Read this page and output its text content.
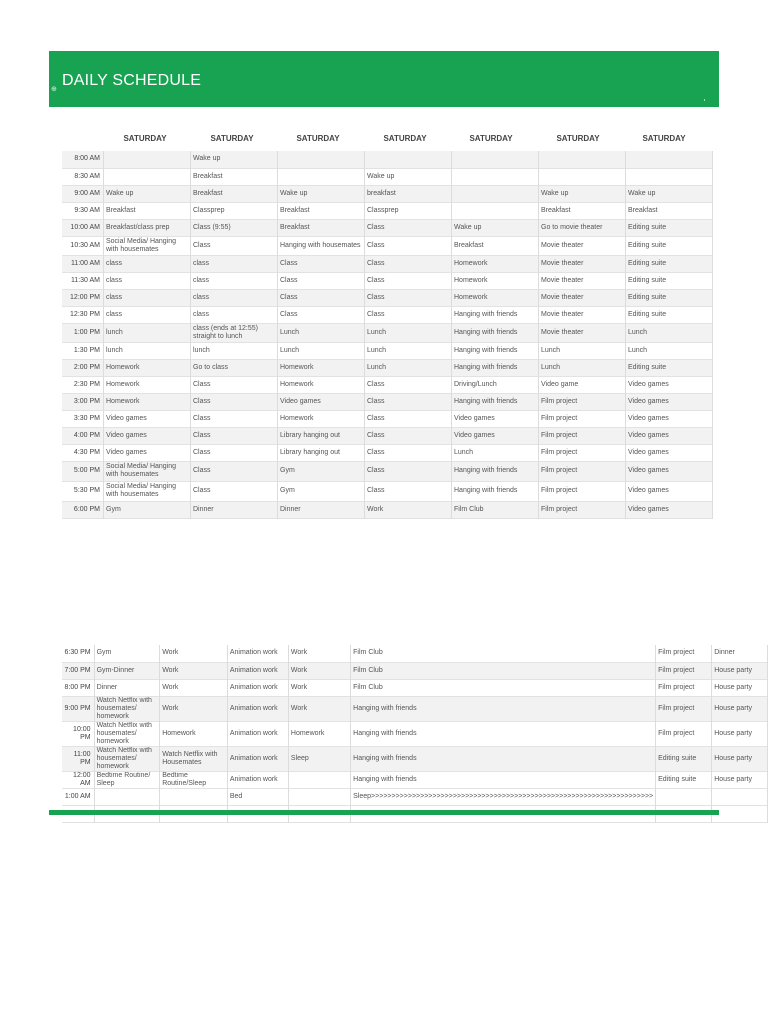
⊕
DAILY SCHEDULE
SATURDAY	SATURDAY	SATURDAY	SATURDAY	SATURDAY	SATURDAY	SATURDAY
8:00 AM		Wake up					
8:30 AM		Breakfast		Wake up			
9:00 AM	Wake up	Breakfast	Wake up	breakfast		Wake up	Wake up
9:30 AM	Breakfast	Classprep	Breakfast	Classprep		Breakfast	Breakfast
10:00 AM	Breakfast/class prep	Class (9:55)	Breakfast	Class	Wake up	Go to movie theater	Editing suite
10:30 AM	Social Media/ Hanging with housemates	Class	Hanging with housemates	Class	Breakfast	Movie theater	Editing suite
11:00 AM	class	class	Class	Class	Homework	Movie theater	Editing suite
11:30 AM	class	class	Class	Class	Homework	Movie theater	Editing suite
12:00 PM	class	class	Class	Class	Homework	Movie theater	Editing suite
12:30 PM	class	class	Class	Class	Hanging with friends	Movie theater	Editing suite
1:00 PM	lunch	class (ends at 12:55) straight to lunch	Lunch	Lunch	Hanging with friends	Movie theater	Lunch
1:30 PM	lunch	lunch	Lunch	Lunch	Hanging with friends	Lunch	Lunch
2:00 PM	Homework	Go to class	Homework	Lunch	Hanging with friends	Lunch	Editing suite
2:30 PM	Homework	Class	Homework	Class	Driving/Lunch	Video game	Video games
3:00 PM	Homework	Class	Video games	Class	Hanging with friends	Film project	Video games
3:30 PM	Video games	Class	Homework	Class	Video games	Film project	Video games
4:00 PM	Video games	Class	Library hanging out	Class	Video games	Film project	Video games
4:30 PM	Video games	Class	Library hanging out	Class	Lunch	Film project	Video games
5:00 PM	Social Media/ Hanging with housemates	Class	Gym	Class	Hanging with friends	Film project	Video games
5:30 PM	Social Media/ Hanging with housemates	Class	Gym	Class	Hanging with friends	Film project	Video games
6:00 PM	Gym	Dinner	Dinner	Work	Film Club	Film project	Video games
6:30 PM	Gym	Work	Animation work	Work	Film Club	Film project	Dinner
7:00 PM	Gym-Dinner	Work	Animation work	Work	Film Club	Film project	House party
8:00 PM	Dinner	Work	Animation work	Work	Film Club	Film project	House party
9:00 PM	Watch Netflix with housemates/ homework	Work	Animation work	Work	Hanging with friends	Film project	House party
10:00 PM	Watch Netflix with housemates/ homework	Homework	Animation work	Homework	Hanging with friends	Film project	House party
11:00 PM	Watch Netflix with housemates/ homework	Watch Netflix with Housemates	Animation work	Sleep	Hanging with friends	Editing suite	House party
12:00 AM	Bedtime Routine/ Sleep	Bedtime Routine/Sleep	Animation work		Hanging with friends	Editing suite	House party
1:00 AM			Bed		Sleep>>>>>>>>>>>>>>>>>>>>>>>>>>>>>>>>>>>>>>>>>>>>>>>>>>>>>>>>>>>>>>>>>>>>>		
